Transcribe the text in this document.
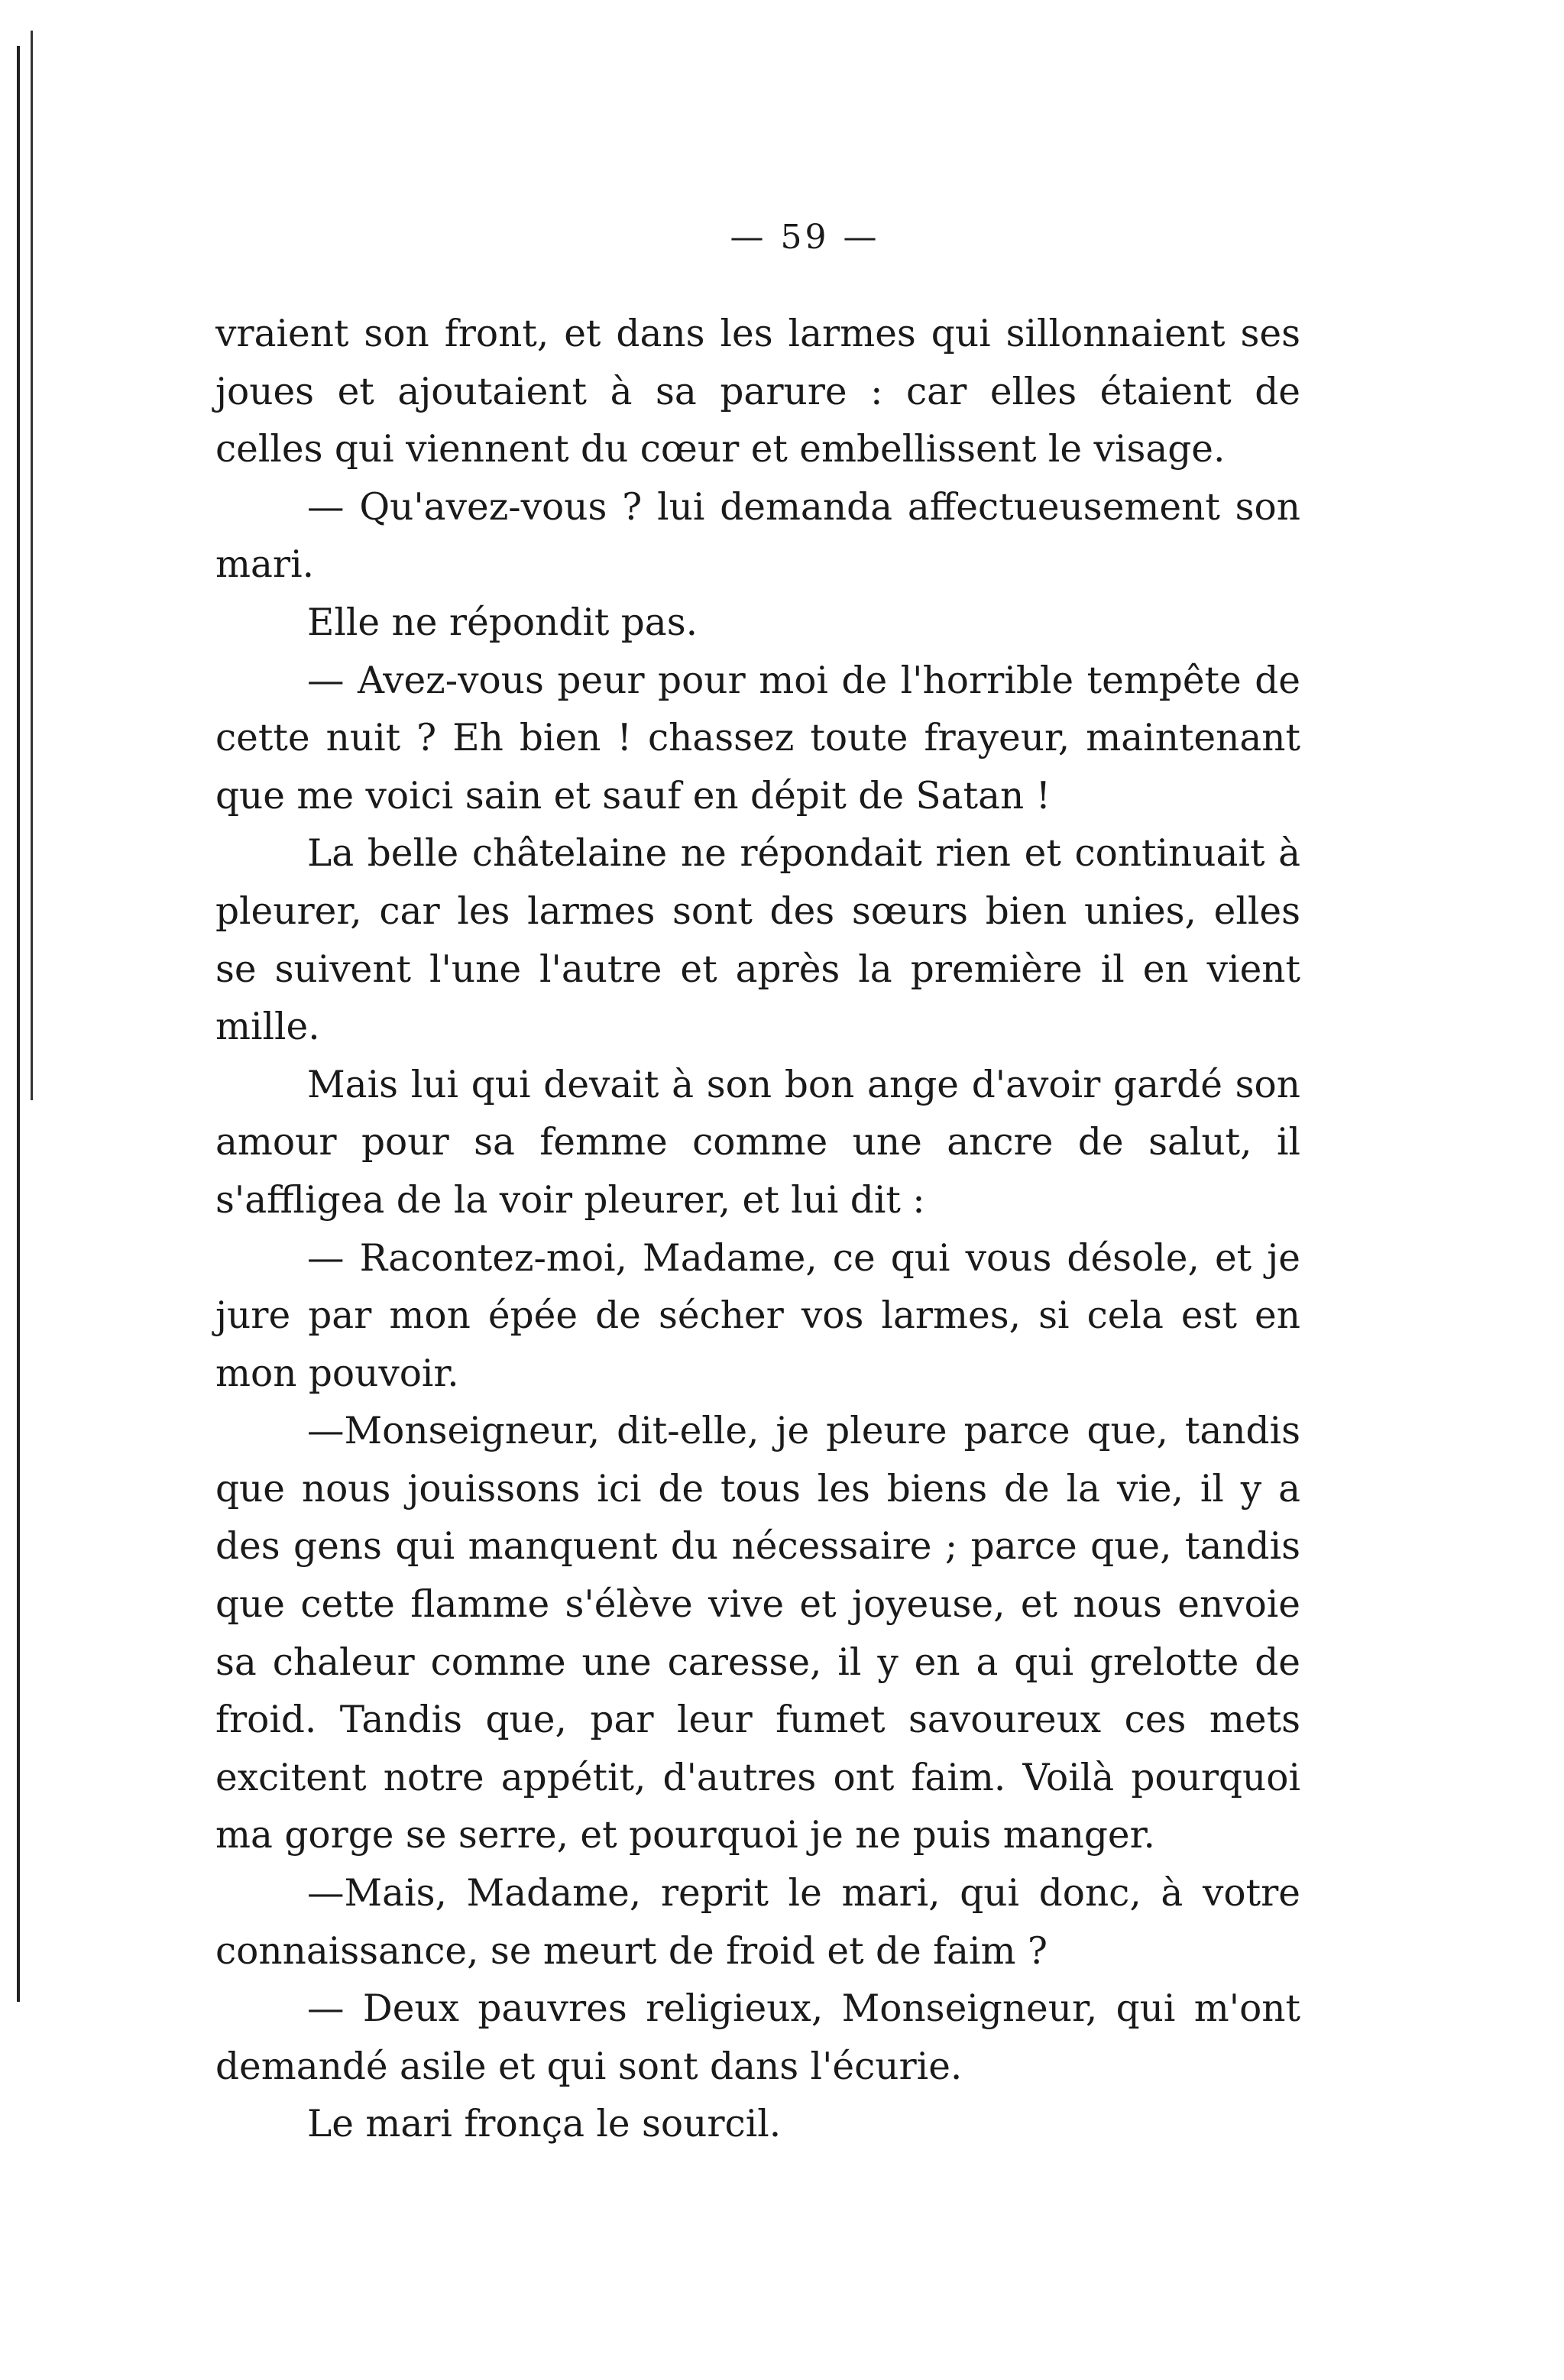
— 59 —

vraient son front, et dans les larmes qui sillonnaient ses joues et ajoutaient à sa parure : car elles étaient de celles qui viennent du cœur et embellissent le visage.

— Qu'avez-vous ? lui demanda affectueusement son mari.

Elle ne répondit pas.

— Avez-vous peur pour moi de l'horrible tempête de cette nuit ? Eh bien ! chassez toute frayeur, maintenant que me voici sain et sauf en dépit de Satan !

La belle châtelaine ne répondait rien et continuait à pleurer, car les larmes sont des sœurs bien unies, elles se suivent l'une l'autre et après la première il en vient mille.

Mais lui qui devait à son bon ange d'avoir gardé son amour pour sa femme comme une ancre de salut, il s'affligea de la voir pleurer, et lui dit :

— Racontez-moi, Madame, ce qui vous désole, et je jure par mon épée de sécher vos larmes, si cela est en mon pouvoir.

—Monseigneur, dit-elle, je pleure parce que, tandis que nous jouissons ici de tous les biens de la vie, il y a des gens qui manquent du nécessaire ; parce que, tandis que cette flamme s'élève vive et joyeuse, et nous envoie sa chaleur comme une caresse, il y en a qui grelotte de froid. Tandis que, par leur fumet savoureux ces mets excitent notre appétit, d'autres ont faim. Voilà pourquoi ma gorge se serre, et pourquoi je ne puis manger.

—Mais, Madame, reprit le mari, qui donc, à votre connaissance, se meurt de froid et de faim ?

— Deux pauvres religieux, Monseigneur, qui m'ont demandé asile et qui sont dans l'écurie.

Le mari fronça le sourcil.
